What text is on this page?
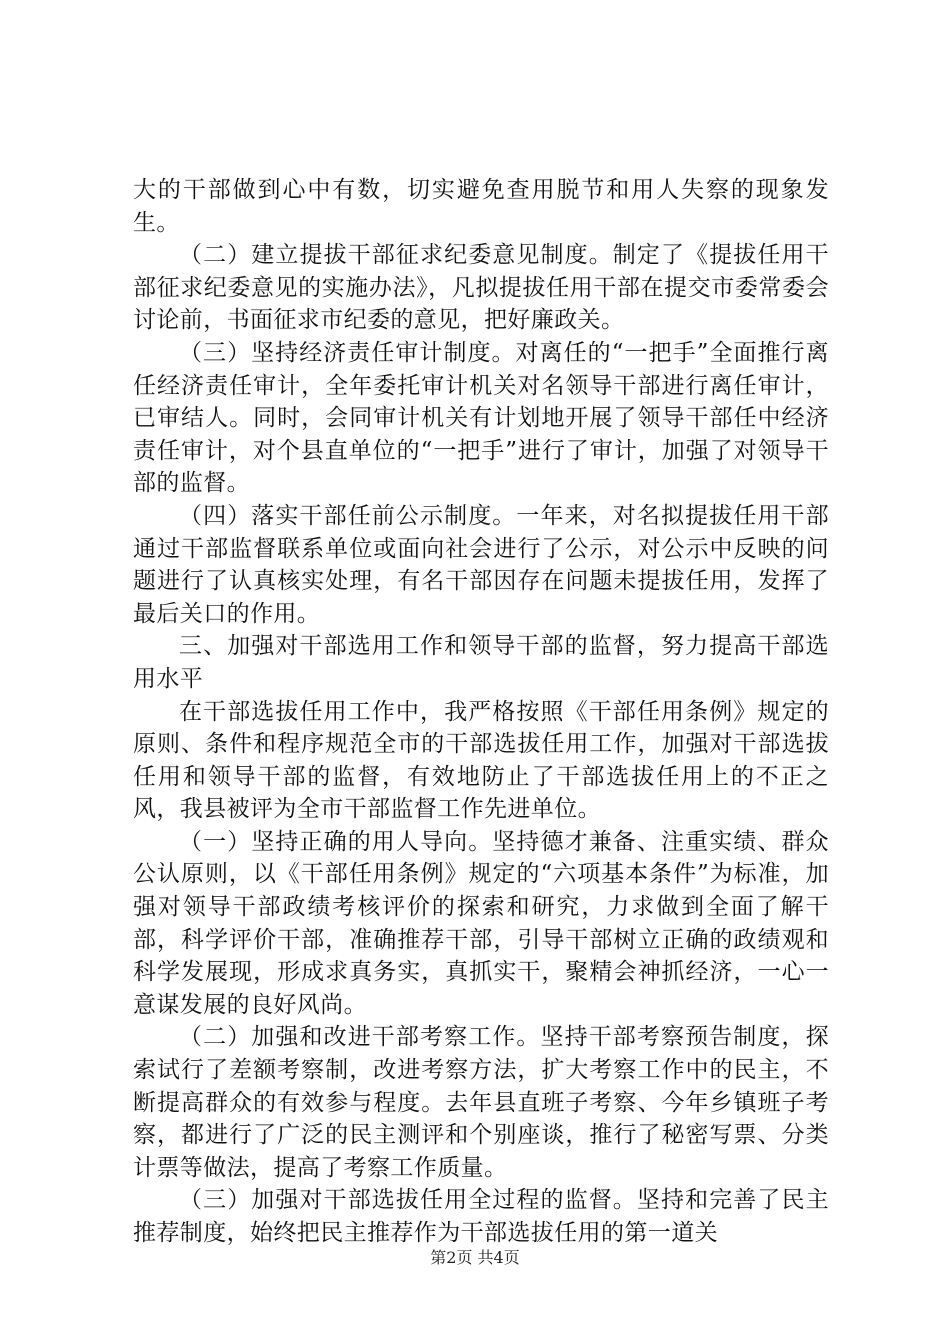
大的干部做到心中有数，切实避免查用脱节和用人失察的现象发生。

（二）建立提拔干部征求纪委意见制度。制定了《提拔任用干部征求纪委意见的实施办法》，凡拟提拔任用干部在提交市委常委会讨论前，书面征求市纪委的意见，把好廉政关。

（三）坚持经济责任审计制度。对离任的“一把手”全面推行离任经济责任审计，全年委托审计机关对名领导干部进行离任审计，已审结人。同时，会同审计机关有计划地开展了领导干部任中经济责任审计，对个县直单位的“一把手”进行了审计，加强了对领导干部的监督。

（四）落实干部任前公示制度。一年来，对名拟提拔任用干部通过干部监督联系单位或面向社会进行了公示，对公示中反映的问题进行了认真核实处理，有名干部因存在问题未提拔任用，发挥了最后关口的作用。

三、加强对干部选用工作和领导干部的监督，努力提高干部选用水平

在干部选拔任用工作中，我严格按照《干部任用条例》规定的原则、条件和程序规范全市的干部选拔任用工作，加强对干部选拔任用和领导干部的监督，有效地防止了干部选拔任用上的不正之风，我县被评为全市干部监督工作先进单位。

（一）坚持正确的用人导向。坚持德才兼备、注重实绩、群众公认原则，以《干部任用条例》规定的“六项基本条件”为标准，加强对领导干部政绩考核评价的探索和研究，力求做到全面了解干部，科学评价干部，准确推荐干部，引导干部树立正确的政绩观和科学发展现，形成求真务实，真抓实干，聚精会神抓经济，一心一意谋发展的良好风尚。

（二）加强和改进干部考察工作。坚持干部考察预告制度，探索试行了差额考察制，改进考察方法，扩大考察工作中的民主，不断提高群众的有效参与程度。去年县直班子考察、今年乡镇班子考察，都进行了广泛的民主测评和个别座谈，推行了秘密写票、分类计票等做法，提高了考察工作质量。

（三）加强对干部选拔任用全过程的监督。坚持和完善了民主推荐制度，始终把民主推荐作为干部选拔任用的第一道关

第2页 共4页
